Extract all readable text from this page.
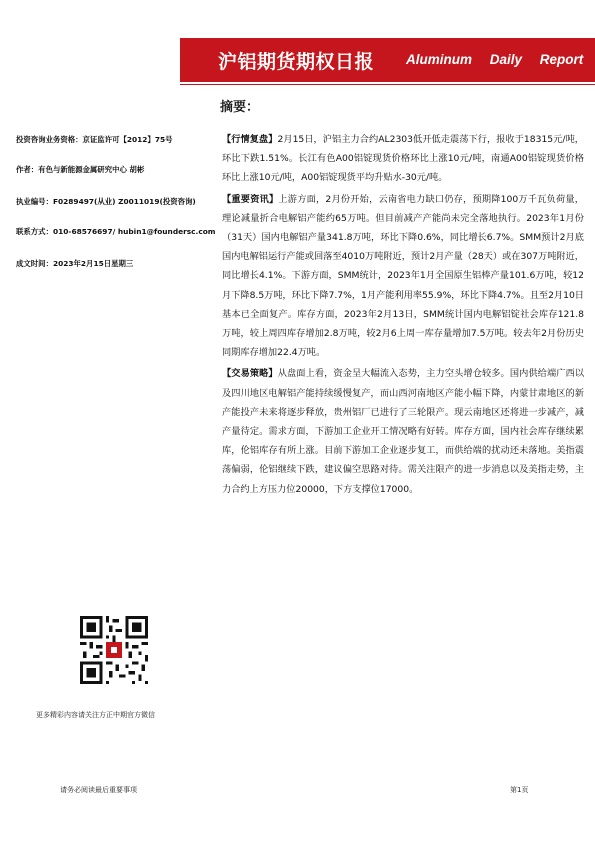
沪铝期货期权日报 Aluminum Daily Report
投资咨询业务资格：京证监许可【2012】75号
作者：有色与新能源金属研究中心 胡彬
执业编号：F0289497(从业) Z0011019(投资咨询)
联系方式：010-68576697/ hubin1@foundersc.com
成文时间：2023年2月15日星期三
更多精彩内容请关注方正中期官方微信
摘要：

【行情复盘】2月15日，沪铝主力合约AL2303低开低走震荡下行，报收于18315元/吨，环比下跌1.51%。长江有色A00铝锭现货价格环比上涨10元/吨，南通A00铝锭现货价格环比上涨10元/吨，A00铝锭现货平均升贴水-30元/吨。

【重要资讯】上游方面，2月份开始，云南省电力缺口仍存，预期降100万千瓦负荷量，理论减量折合电解铝产能约65万吨。但目前减产产能尚未完全落地执行。2023年1月份（31天）国内电解铝产量341.8万吨，环比下降0.6%，同比增长6.7%。SMM预计2月底国内电解铝运行产能或回落至4010万吨附近，预计2月产量（28天）或在307万吨附近，同比增长4.1%。下游方面，SMM统计，2023年1月全国原生铝棒产量101.6万吨，较12月下降8.5万吨，环比下降7.7%，1月产能利用率55.9%，环比下降4.7%。且至2月10日基本已全面复产。库存方面，2023年2月13日，SMM统计国内电解铝锭社会库存121.8万吨，较上周四库存增加2.8万吨，较2月6上周一库存量增加7.5万吨。较去年2月份历史同期库存增加22.4万吨。

【交易策略】从盘面上看，资金呈大幅流入态势，主力空头增仓较多。国内供给端广西以及四川地区电解铝产能持续缓慢复产，而山西河南地区产能小幅下降，内蒙甘肃地区的新产能投产未来将逐步释放，贵州铝厂已进行了三轮限产。现云南地区还将进一步减产，减产量待定。需求方面，下游加工企业开工情况略有好转。库存方面，国内社会库存继续累库，伦铝库存有所上涨。目前下游加工企业逐步复工，而供给端的扰动还未落地。美指震荡偏弱，伦铝继续下跌，建议偏空思路对待。需关注限产的进一步消息以及美指走势，主力合约上方压力位20000，下方支撑位17000。

请务必阅读最后重要事项	第1页
